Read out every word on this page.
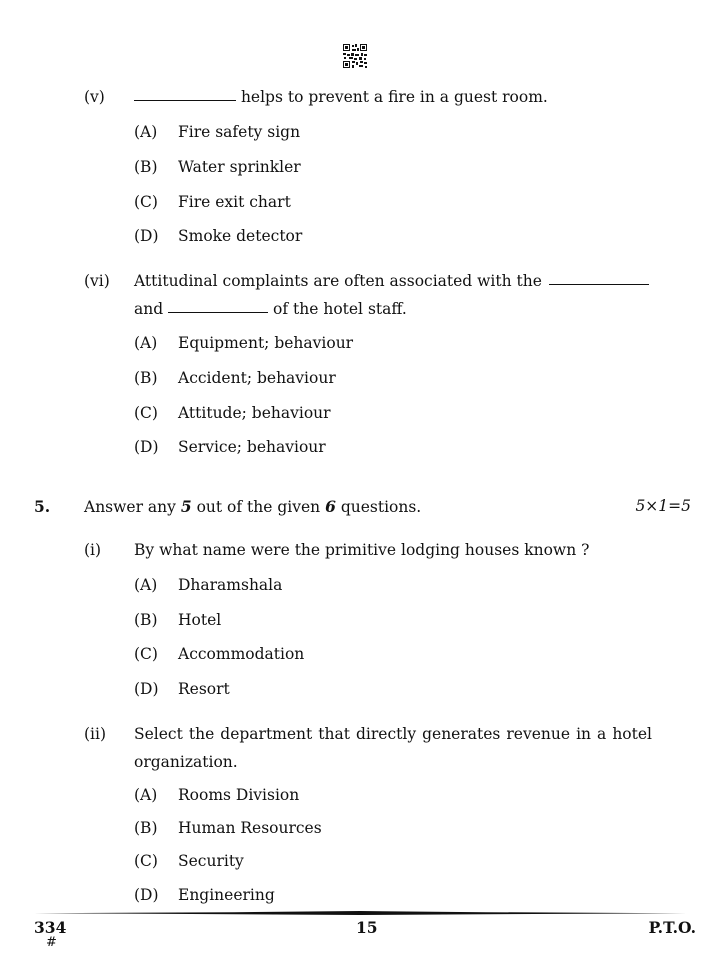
(v)	helps to prevent a fire in a guest room.
(A) Fire safety sign
(B) Water sprinkler
(C) Fire exit chart
(D) Smoke detector
(vi) Attitudinal complaints are often associated with the
and	of the hotel staff.
(A) Equipment; behaviour
(B) Accident; behaviour
(C) Attitude; behaviour
(D) Service; behaviour
5. Answer any 5 out of the given 6 questions.	5×1=5
(i) By what name were the primitive lodging houses known ?
(A) Dharamshala
(B) Hotel
(C) Accommodation
(D) Resort
(ii) Select the department that directly generates revenue in a hotel
organization.
(A) Rooms Division
(B) Human Resources
(C) Security
(D) Engineering
334
#
15	P.T.O.
